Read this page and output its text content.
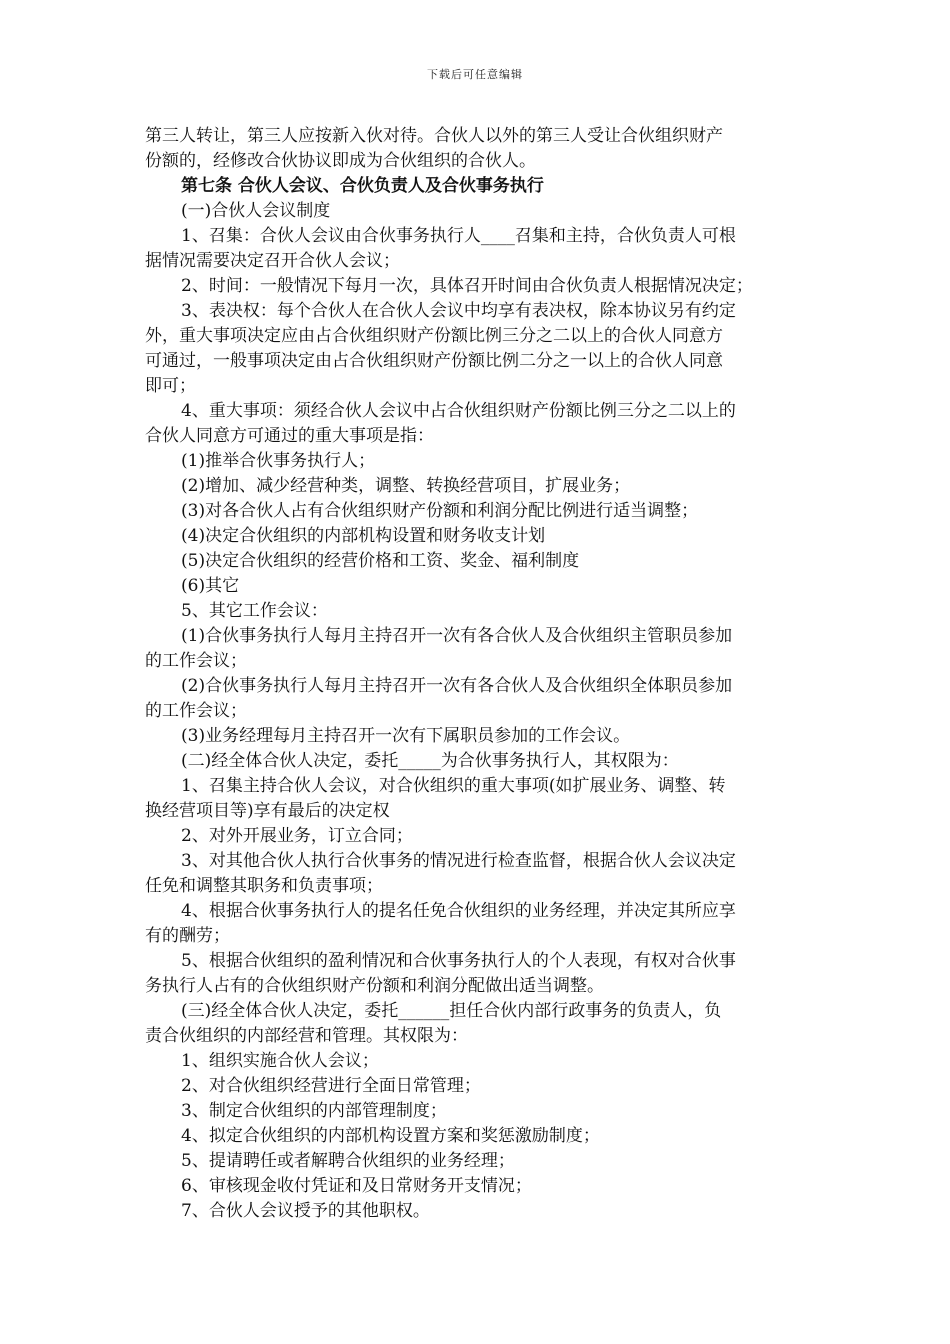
下载后可任意编辑
第三人转让，第三人应按新入伙对待。合伙人以外的第三人受让合伙组织财产
份额的，经修改合伙协议即成为合伙组织的合伙人。
第七条 合伙人会议、合伙负责人及合伙事务执行
(一)合伙人会议制度
1、召集：合伙人会议由合伙事务执行人____召集和主持，合伙负责人可根
据情况需要决定召开合伙人会议；
2、时间：一般情况下每月一次，具体召开时间由合伙负责人根据情况决定；
3、表决权：每个合伙人在合伙人会议中均享有表决权，除本协议另有约定
外，重大事项决定应由占合伙组织财产份额比例三分之二以上的合伙人同意方
可通过，一般事项决定由占合伙组织财产份额比例二分之一以上的合伙人同意
即可；
4、重大事项：须经合伙人会议中占合伙组织财产份额比例三分之二以上的
合伙人同意方可通过的重大事项是指：
(1)推举合伙事务执行人；
(2)增加、减少经营种类，调整、转换经营项目，扩展业务；
(3)对各合伙人占有合伙组织财产份额和利润分配比例进行适当调整；
(4)决定合伙组织的内部机构设置和财务收支计划
(5)决定合伙组织的经营价格和工资、奖金、福利制度
(6)其它
5、其它工作会议：
(1)合伙事务执行人每月主持召开一次有各合伙人及合伙组织主管职员参加
的工作会议；
(2)合伙事务执行人每月主持召开一次有各合伙人及合伙组织全体职员参加
的工作会议；
(3)业务经理每月主持召开一次有下属职员参加的工作会议。
(二)经全体合伙人决定，委托_____为合伙事务执行人，其权限为：
1、召集主持合伙人会议，对合伙组织的重大事项(如扩展业务、调整、转
换经营项目等)享有最后的决定权
2、对外开展业务，订立合同；
3、对其他合伙人执行合伙事务的情况进行检查监督，根据合伙人会议决定
任免和调整其职务和负责事项；
4、根据合伙事务执行人的提名任免合伙组织的业务经理，并决定其所应享
有的酬劳；
5、根据合伙组织的盈利情况和合伙事务执行人的个人表现，有权对合伙事
务执行人占有的合伙组织财产份额和利润分配做出适当调整。
(三)经全体合伙人决定，委托______担任合伙内部行政事务的负责人，负
责合伙组织的内部经营和管理。其权限为：
1、组织实施合伙人会议；
2、对合伙组织经营进行全面日常管理；
3、制定合伙组织的内部管理制度；
4、拟定合伙组织的内部机构设置方案和奖惩激励制度；
5、提请聘任或者解聘合伙组织的业务经理；
6、审核现金收付凭证和及日常财务开支情况；
7、合伙人会议授予的其他职权。
